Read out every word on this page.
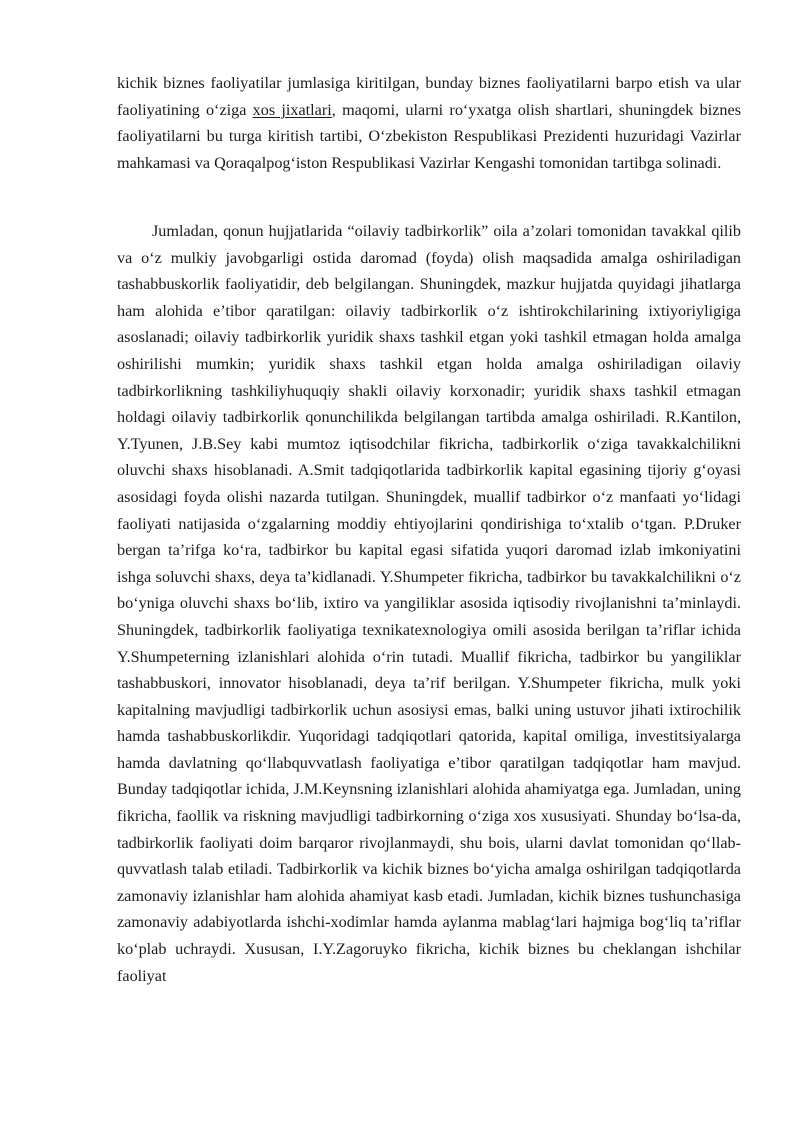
kichik biznes faoliyatilar jumlasiga kiritilgan, bunday biznes faoliyatilarni barpo etish va ular faoliyatining o‘ziga xos jixatlari, maqomi, ularni ro‘yxatga olish shartlari, shuningdek biznes faoliyatilarni bu turga kiritish tartibi, O‘zbekiston Respublikasi Prezidenti huzuridagi Vazirlar mahkamasi va Qoraqalpog‘iston Respublikasi Vazirlar Kengashi tomonidan tartibga solinadi.

Jumladan, qonun hujjatlarida “oilaviy tadbirkorlik” oila a’zolari tomonidan tavakkal qilib va o‘z mulkiy javobgarligi ostida daromad (foyda) olish maqsadida amalga oshiriladigan tashabbuskorlik faoliyatidir, deb belgilangan. Shuningdek, mazkur hujjatda quyidagi jihatlarga ham alohida e’tibor qaratilgan: oilaviy tadbirkorlik o‘z ishtirokchilarining ixtiyoriyligiga asoslanadi; oilaviy tadbirkorlik yuridik shaxs tashkil etgan yoki tashkil etmagan holda amalga oshirilishi mumkin; yuridik shaxs tashkil etgan holda amalga oshiriladigan oilaviy tadbirkorlikning tashkiliyhuquqiy shakli oilaviy korxonadir; yuridik shaxs tashkil etmagan holdagi oilaviy tadbirkorlik qonunchilikda belgilangan tartibda amalga oshiriladi. R.Kantilon, Y.Tyunen, J.B.Sey kabi mumtoz iqtisodchilar fikricha, tadbirkorlik o‘ziga tavakkalchilikni oluvchi shaxs hisoblanadi. A.Smit tadqiqotlarida tadbirkorlik kapital egasining tijoriy g‘oyasi asosidagi foyda olishi nazarda tutilgan. Shuningdek, muallif tadbirkor o‘z manfaati yo‘lidagi faoliyati natijasida o‘zgalarning moddiy ehtiyojlarini qondirishiga to‘xtalib o‘tgan. P.Druker bergan ta’rifga ko‘ra, tadbirkor bu kapital egasi sifatida yuqori daromad izlab imkoniyatini ishga soluvchi shaxs, deya ta’kidlanadi. Y.Shumpeter fikricha, tadbirkor bu tavakkalchilikni o‘z bo‘yniga oluvchi shaxs bo‘lib, ixtiro va yangiliklar asosida iqtisodiy rivojlanishni ta’minlaydi. Shuningdek, tadbirkorlik faoliyatiga texnikatexnologiya omili asosida berilgan ta’riflar ichida Y.Shumpeterning izlanishlari alohida o‘rin tutadi. Muallif fikricha, tadbirkor bu yangiliklar tashabbuskori, innovator hisoblanadi, deya ta’rif berilgan. Y.Shumpeter fikricha, mulk yoki kapitalning mavjudligi tadbirkorlik uchun asosiysi emas, balki uning ustuvor jihati ixtirochilik hamda tashabbuskorlikdir. Yuqoridagi tadqiqotlari qatorida, kapital omiliga, investitsiyalarga hamda davlatning qo‘llabquvvatlash faoliyatiga e’tibor qaratilgan tadqiqotlar ham mavjud. Bunday tadqiqotlar ichida, J.M.Keynsning izlanishlari alohida ahamiyatga ega. Jumladan, uning fikricha, faollik va riskning mavjudligi tadbirkorning o‘ziga xos xususiyati. Shunday bo‘lsa-da, tadbirkorlik faoliyati doim barqaror rivojlanmaydi, shu bois, ularni davlat tomonidan qo‘llab-quvvatlash talab etiladi. Tadbirkorlik va kichik biznes bo‘yicha amalga oshirilgan tadqiqotlarda zamonaviy izlanishlar ham alohida ahamiyat kasb etadi. Jumladan, kichik biznes tushunchasiga zamonaviy adabiyotlarda ishchi-xodimlar hamda aylanma mablag‘lari hajmiga bog‘liq ta’riflar ko‘plab uchraydi. Xususan, I.Y.Zagoruyko fikricha, kichik biznes bu cheklangan ishchilar faoliyat
